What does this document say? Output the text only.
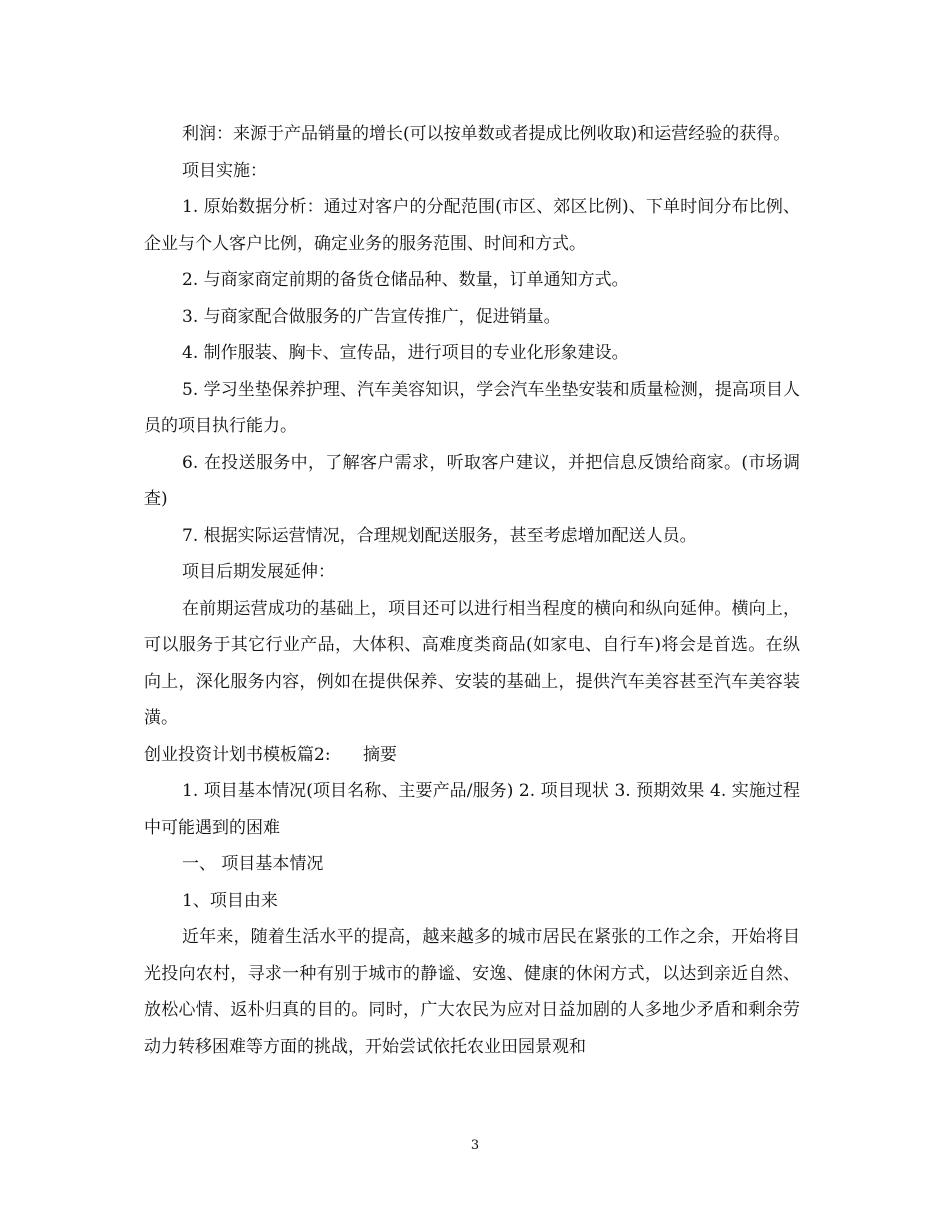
利润：来源于产品销量的增长(可以按单数或者提成比例收取)和运营经验的获得。

项目实施：

1. 原始数据分析：通过对客户的分配范围(市区、郊区比例)、下单时间分布比例、企业与个人客户比例，确定业务的服务范围、时间和方式。

2. 与商家商定前期的备货仓储品种、数量，订单通知方式。

3. 与商家配合做服务的广告宣传推广，促进销量。

4. 制作服装、胸卡、宣传品，进行项目的专业化形象建设。

5. 学习坐垫保养护理、汽车美容知识，学会汽车坐垫安装和质量检测，提高项目人员的项目执行能力。

6. 在投送服务中，了解客户需求，听取客户建议，并把信息反馈给商家。(市场调查)

7. 根据实际运营情况，合理规划配送服务，甚至考虑增加配送人员。

项目后期发展延伸：

在前期运营成功的基础上，项目还可以进行相当程度的横向和纵向延伸。横向上，可以服务于其它行业产品，大体积、高难度类商品(如家电、自行车)将会是首选。在纵向上，深化服务内容，例如在提供保养、安装的基础上，提供汽车美容甚至汽车美容装潢。

创业投资计划书模板篇2:      摘要

1. 项目基本情况(项目名称、主要产品/服务) 2. 项目现状 3. 预期效果 4. 实施过程中可能遇到的困难

一、 项目基本情况

1、项目由来

近年来，随着生活水平的提高，越来越多的城市居民在紧张的工作之余，开始将目光投向农村，寻求一种有别于城市的静谧、安逸、健康的休闲方式，以达到亲近自然、放松心情、返朴归真的目的。同时，广大农民为应对日益加剧的人多地少矛盾和剩余劳动力转移困难等方面的挑战，开始尝试依托农业田园景观和

3
